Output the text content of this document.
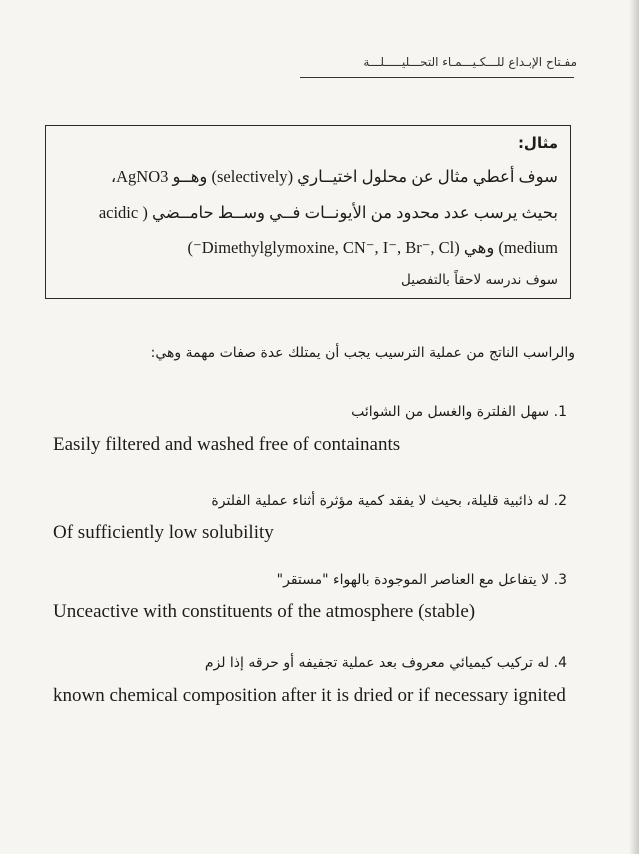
مفـتاح الإبـداع للـــكـيـــمـاء التحـــليـــــلـــة
مثال:
سوف أعطي مثال عن محلول اختيــاري (selectively) وهــو AgNO3،
بحيث يرسب عدد محدود من الأيونــات فــي وســط حامــضي ( acidic
medium) وهي (Dimethylglymoxine, CN⁻, I⁻, Br⁻, Cl⁻)
سوف ندرسه لاحقاً بالتفصيل
والراسب الناتج من عملية الترسيب يجب أن يمتلك عدة صفات مهمة وهي:
1. سهل الفلترة والغسل من الشوائب
Easily filtered and washed free of containants
2. له ذائبية قليلة، بحيث لا يفقد كمية مؤثرة أثناء عملية الفلترة
Of sufficiently low solubility
3. لا يتفاعل مع العناصر الموجودة بالهواء "مستقر"
Unceactive with constituents of the atmosphere (stable)
4. له تركيب كيميائي معروف بعد عملية تجفيفه أو حرقه إذا لزم
known chemical composition after it is dried or if necessary ignited
